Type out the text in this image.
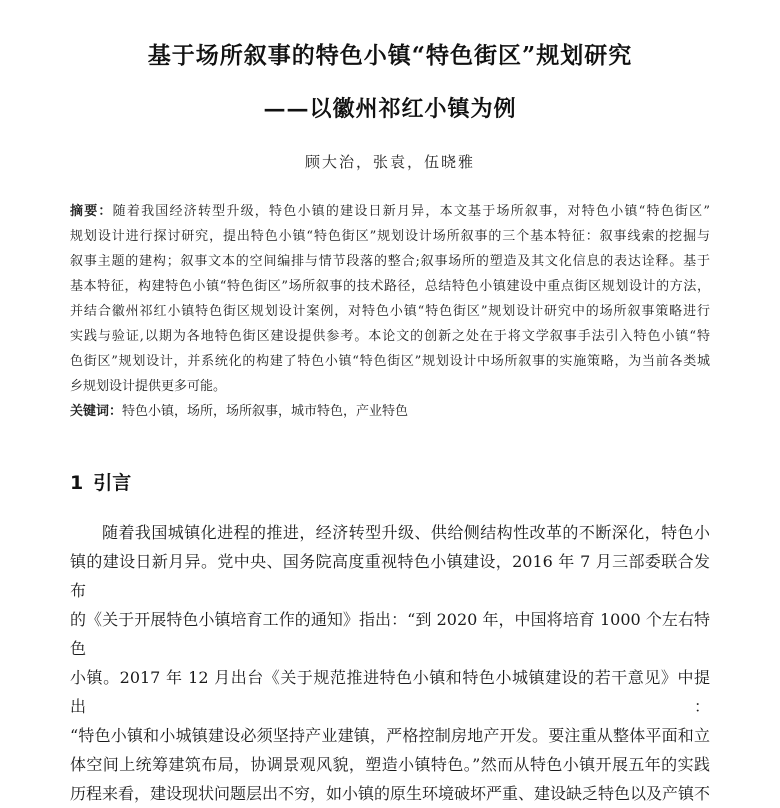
基于场所叙事的特色小镇“特色街区”规划研究
——以徽州祁红小镇为例
顾大治，张袁，伍晓雅
摘要：随着我国经济转型升级，特色小镇的建设日新月异，本文基于场所叙事，对特色小镇“特色街区”
规划设计进行探讨研究，提出特色小镇“特色街区”规划设计场所叙事的三个基本特征：叙事线索的挖掘与
叙事主题的建构；叙事文本的空间编排与情节段落的整合;叙事场所的塑造及其文化信息的表达诠释。基于
基本特征，构建特色小镇“特色街区”场所叙事的技术路径，总结特色小镇建设中重点街区规划设计的方法，
并结合徽州祁红小镇特色街区规划设计案例，对特色小镇“特色街区”规划设计研究中的场所叙事策略进行
实践与验证,以期为各地特色街区建设提供参考。本论文的创新之处在于将文学叙事手法引入特色小镇“特
色街区”规划设计，并系统化的构建了特色小镇“特色街区”规划设计中场所叙事的实施策略，为当前各类城
乡规划设计提供更多可能。
关键词：特色小镇，场所，场所叙事，城市特色，产业特色
1 引言
随着我国城镇化进程的推进，经济转型升级、供给侧结构性改革的不断深化，特色小
镇的建设日新月异。党中央、国务院高度重视特色小镇建设，2016 年 7 月三部委联合发布
的《关于开展特色小镇培育工作的通知》指出：“到 2020 年，中国将培育 1000 个左右特色
小镇。2017 年 12 月出台《关于规范推进特色小镇和特色小城镇建设的若干意见》中提出：
“特色小镇和小城镇建设必须坚持产业建镇，严格控制房地产开发。要注重从整体平面和立
体空间上统筹建筑布局，协调景观风貌，塑造小镇特色。”然而从特色小镇开展五年的实践
历程来看，建设现状问题层出不穷，如小镇的原生环境破坏严重、建设缺乏特色以及产镇不
